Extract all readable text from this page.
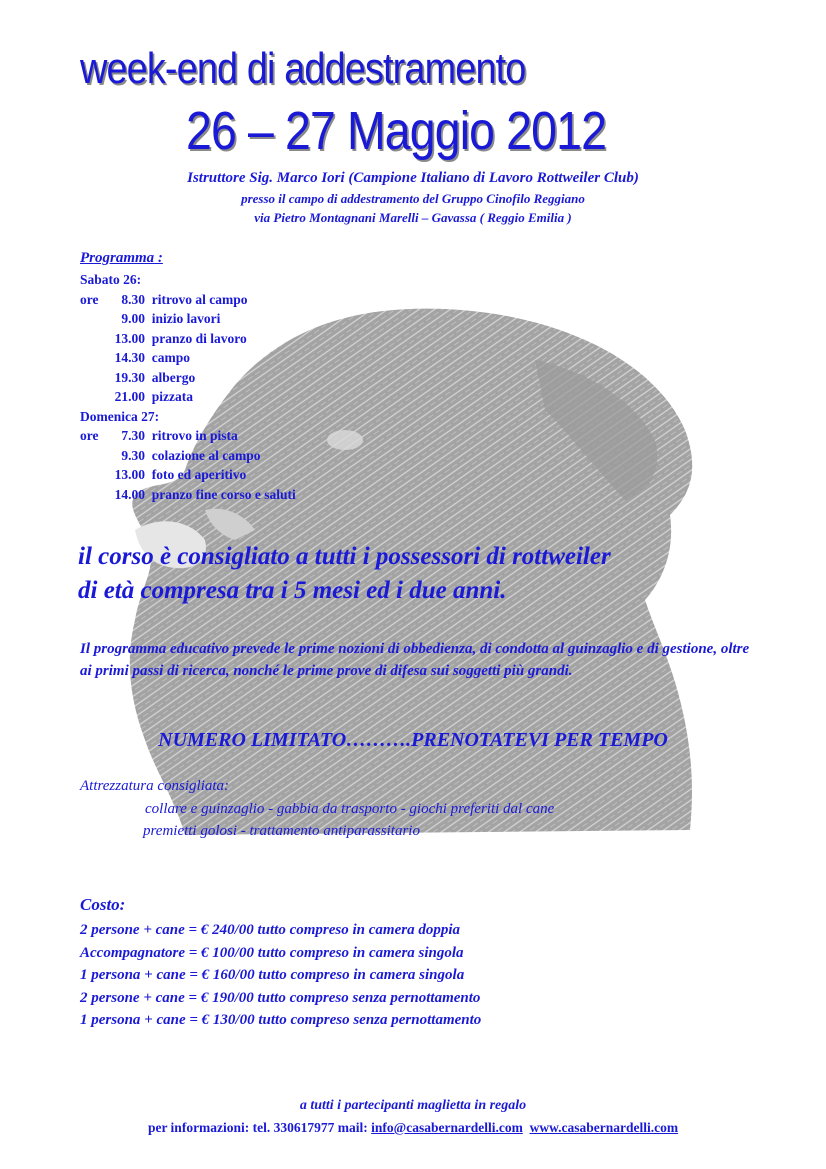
week-end di addestramento
26 – 27 Maggio 2012
Istruttore Sig. Marco Iori (Campione Italiano di Lavoro Rottweiler Club)
presso il campo di addestramento del Gruppo Cinofilo Reggiano
via Pietro Montagnani Marelli – Gavassa ( Reggio Emilia )
Programma :
Sabato 26:
ore 8.30 ritrovo al campo
9.00 inizio lavori
13.00 pranzo di lavoro
14.30 campo
19.30 albergo
21.00 pizzata
Domenica 27:
ore 7.30 ritrovo in pista
9.30 colazione al campo
13.00 foto ed aperitivo
14.00 pranzo fine corso e saluti
il corso è consigliato a tutti i possessori di rottweiler
di età compresa tra i 5 mesi ed i due anni.
Il programma educativo prevede le prime nozioni di obbedienza, di condotta al guinzaglio e di gestione, oltre ai primi passi di ricerca, nonché le prime prove di difesa sui soggetti più grandi.
NUMERO LIMITATO……….PRENOTATEVI PER TEMPO
Attrezzatura consigliata:
collare e guinzaglio - gabbia da trasporto - giochi preferiti dal cane
premietti golosi - trattamento antiparassitario
Costo:
2 persone + cane = € 240/00 tutto compreso in camera doppia
Accompagnatore = € 100/00 tutto compreso in camera singola
1 persona + cane = € 160/00 tutto compreso in camera singola
2 persone + cane = € 190/00 tutto compreso senza pernottamento
1 persona + cane = € 130/00 tutto compreso senza pernottamento
a tutti i partecipanti maglietta in regalo
per informazioni: tel. 330617977 mail: info@casabernardelli.com www.casabernardelli.com
